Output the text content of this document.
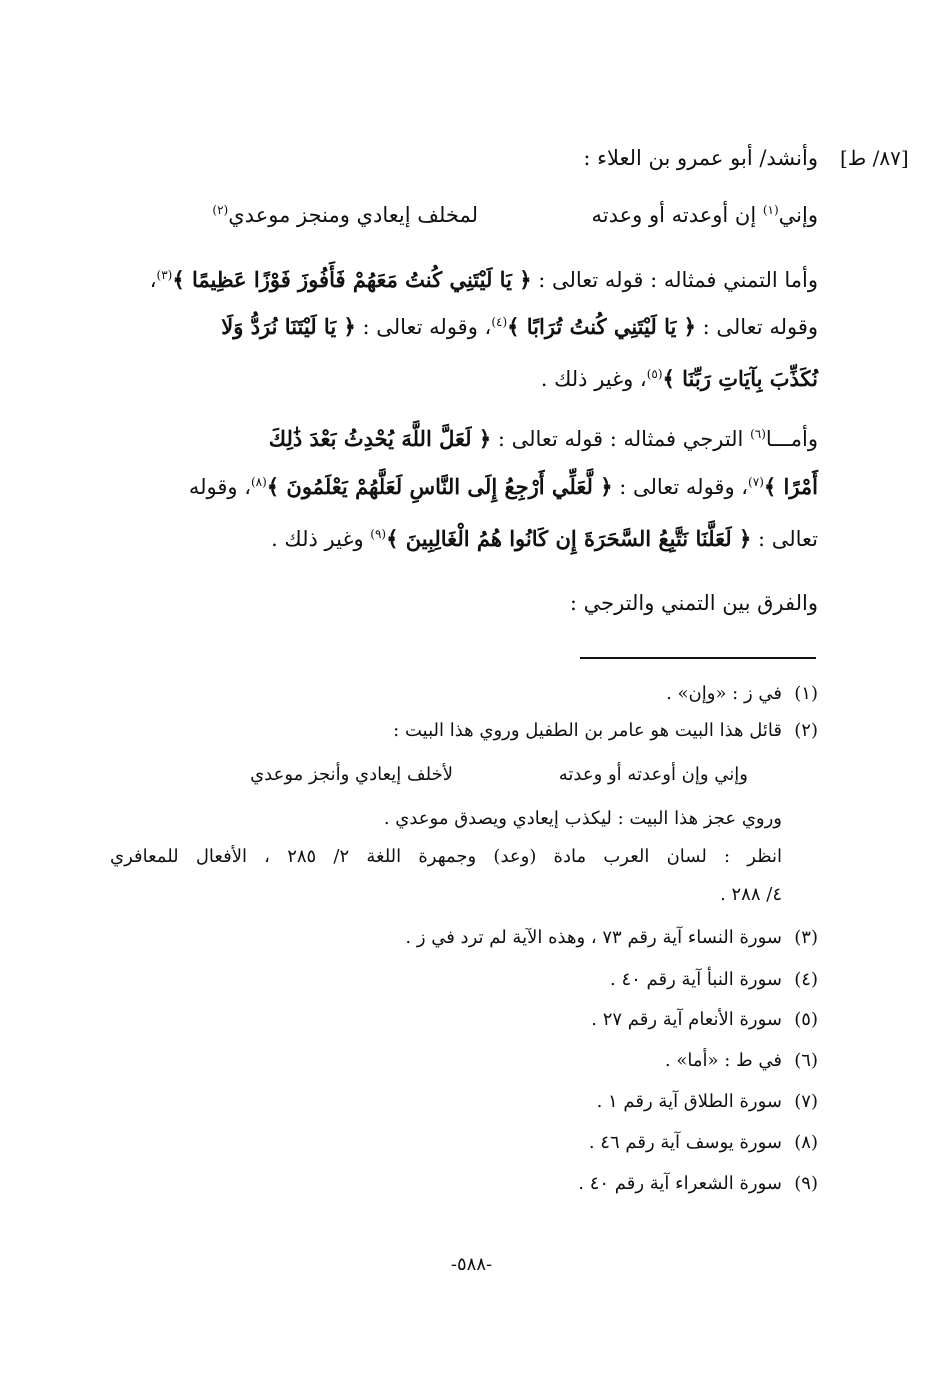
[٨٧/ ط]
وأنشد/ أبو عمرو بن العلاء :
وإني$^{(١)}$ إن أوعدته أو وعدته
لمخلف إيعادي ومنجز موعدي$^{(٢)}$
وأما التمني فمثاله : قوله تعالى : ﴿ يَا لَيْتَنِي كُنتُ مَعَهُمْ فَأَفُوزَ فَوْزًا عَظِيمًا ﴾$^{(٣)}$،
وقوله تعالى : ﴿ يَا لَيْتَنِي كُنتُ تُرَابًا ﴾$^{(٤)}$، وقوله تعالى : ﴿ يَا لَيْتَنَا نُرَدُّ وَلَا
نُكَذِّبَ بِآيَاتِ رَبِّنَا ﴾$^{(٥)}$، وغير ذلك .
وأمـــا$^{(٦)}$ الترجي فمثاله : قوله تعالى : ﴿ لَعَلَّ اللَّهَ يُحْدِثُ بَعْدَ ذَٰلِكَ
أَمْرًا ﴾$^{(٧)}$، وقوله تعالى : ﴿ لَّعَلِّي أَرْجِعُ إِلَى النَّاسِ لَعَلَّهُمْ يَعْلَمُونَ ﴾$^{(٨)}$، وقوله
تعالى : ﴿ لَعَلَّنَا نَتَّبِعُ السَّحَرَةَ إِن كَانُوا هُمُ الْغَالِبِينَ ﴾$^{(٩)}$ وغير ذلك .
والفرق بين التمني والترجي :
(١)في ز : «وإن» .
(٢)قائل هذا البيت هو عامر بن الطفيل وروي هذا البيت :
وإني وإن أوعدته أو وعدته
لأخلف إيعادي وأنجز موعدي
وروي عجز هذا البيت : ليكذب إيعادي ويصدق موعدي .
انظر : لسان العرب مادة (وعد) وجمهرة اللغة ٢/ ٢٨٥ ، الأفعال للمعافري
٤/ ٢٨٨ .
(٣)سورة النساء آية رقم ٧٣ ، وهذه الآية لم ترد في ز .
(٤)سورة النبأ آية رقم ٤٠ .
(٥)سورة الأنعام آية رقم ٢٧ .
(٦)في ط : «أما» .
(٧)سورة الطلاق آية رقم ١ .
(٨)سورة يوسف آية رقم ٤٦ .
(٩)سورة الشعراء آية رقم ٤٠ .
-٥٨٨-
